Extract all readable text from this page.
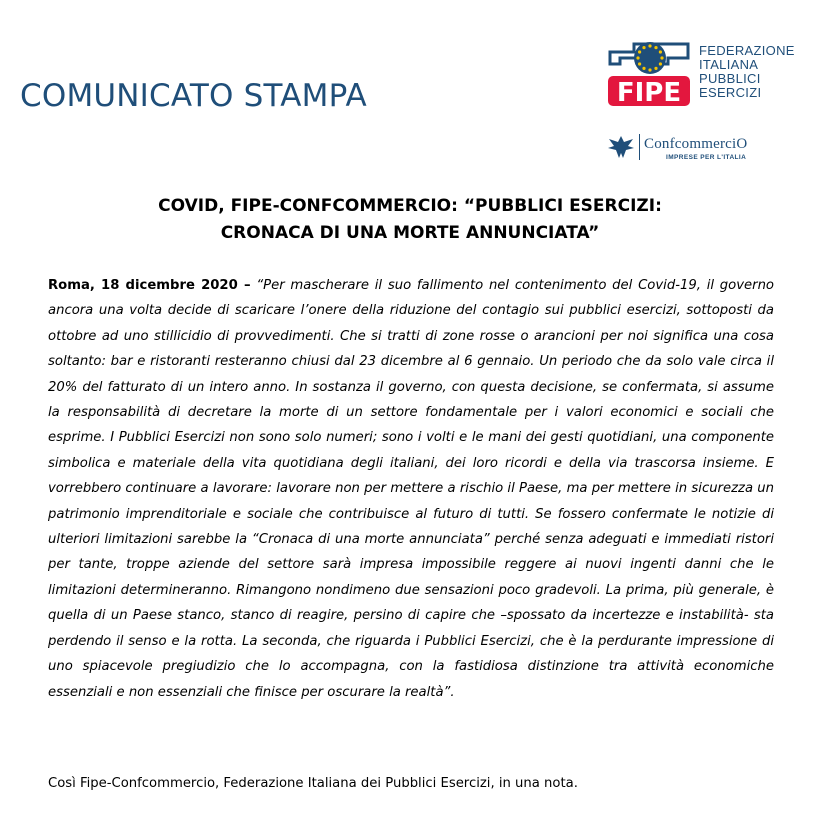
COMUNICATO STAMPA	FIPE
FEDERAZIONE
ITALIANA
PUBBLICI
ESERCIZI
ConfcommerciO
IMPRESE PER L'ITALIA
COVID, FIPE-CONFCOMMERCIO: “PUBBLICI ESERCIZI:
CRONACA DI UNA MORTE ANNUNCIATA”

Roma, 18 dicembre 2020 – “Per mascherare il suo fallimento nel contenimento del Covid-19, il governo ancora una volta decide di scaricare l’onere della riduzione del contagio sui pubblici esercizi, sottoposti da ottobre ad uno stillicidio di provvedimenti. Che si tratti di zone rosse o arancioni per noi significa una cosa soltanto: bar e ristoranti resteranno chiusi dal 23 dicembre al 6 gennaio. Un periodo che da solo vale circa il 20% del fatturato di un intero anno. In sostanza il governo, con questa decisione, se confermata, si assume la responsabilità di decretare la morte di un settore fondamentale per i valori economici e sociali che esprime. I Pubblici Esercizi non sono solo numeri; sono i volti e le mani dei gesti quotidiani, una componente simbolica e materiale della vita quotidiana degli italiani, dei loro ricordi e della via trascorsa insieme. E vorrebbero continuare a lavorare: lavorare non per mettere a rischio il Paese, ma per mettere in sicurezza un patrimonio imprenditoriale e sociale che contribuisce al futuro di tutti. Se fossero confermate le notizie di ulteriori limitazioni sarebbe la “Cronaca di una morte annunciata” perché senza adeguati e immediati ristori per tante, troppe aziende del settore sarà impresa impossibile reggere ai nuovi ingenti danni che le limitazioni determineranno. Rimangono nondimeno due sensazioni poco gradevoli. La prima, più generale, è quella di un Paese stanco, stanco di reagire, persino di capire che –spossato da incertezze e instabilità- sta perdendo il senso e la rotta. La seconda, che riguarda i Pubblici Esercizi, che è la perdurante impressione di uno spiacevole pregiudizio che lo accompagna, con la fastidiosa distinzione tra attività economiche essenziali e non essenziali che finisce per oscurare la realtà”.

Così Fipe-Confcommercio, Federazione Italiana dei Pubblici Esercizi, in una nota.
